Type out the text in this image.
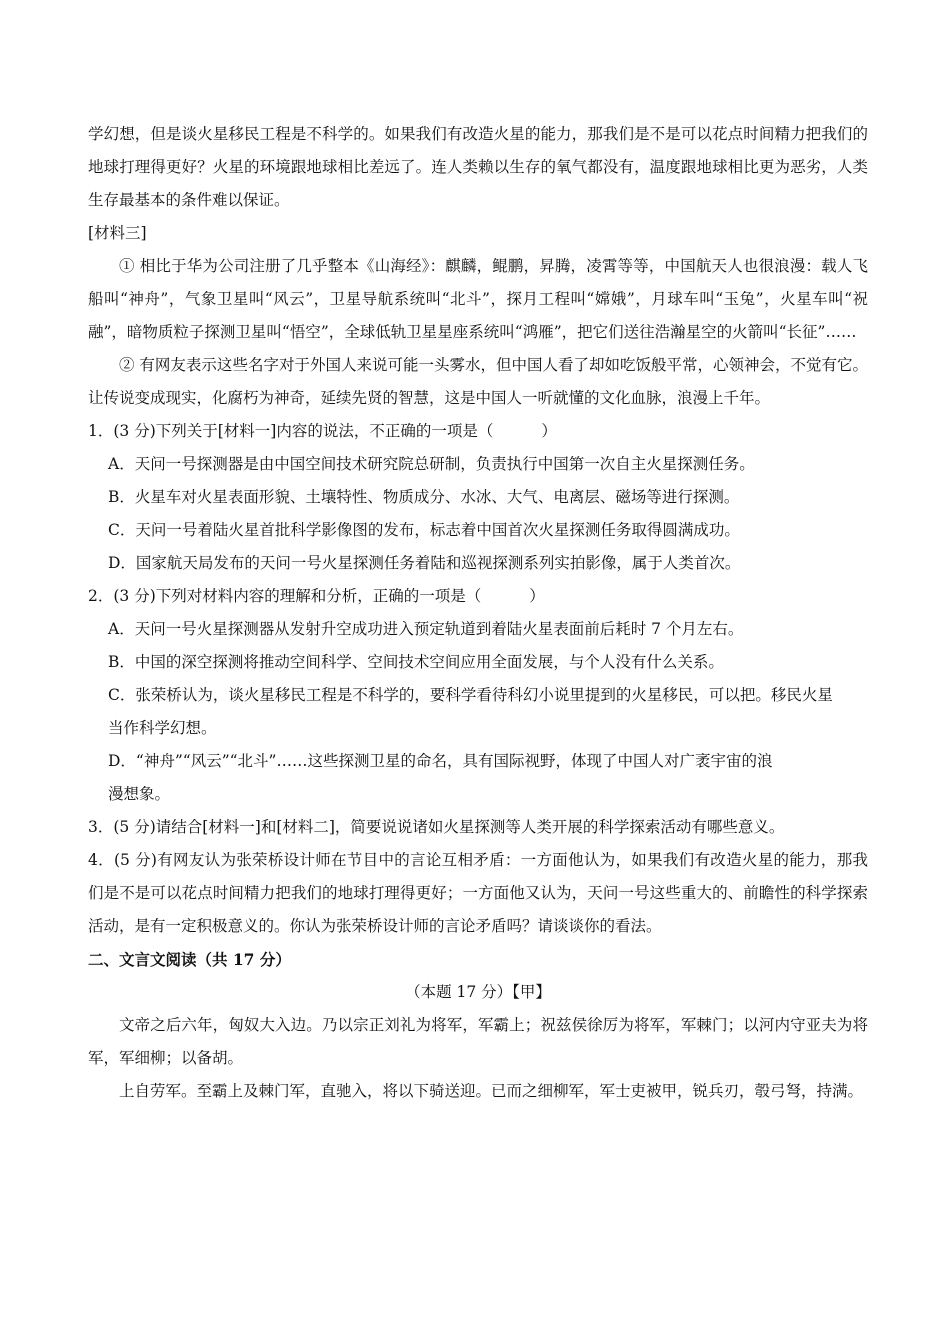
学幻想，但是谈火星移民工程是不科学的。如果我们有改造火星的能力，那我们是不是可以花点时间精力把我们的地球打理得更好？火星的环境跟地球相比差远了。连人类赖以生存的氧气都没有，温度跟地球相比更为恶劣，人类生存最基本的条件难以保证。

[材料三]

① 相比于华为公司注册了几乎整本《山海经》：麒麟，鲲鹏，昇腾，凌霄等等，中国航天人也很浪漫：载人飞船叫“神舟”，气象卫星叫“风云”，卫星导航系统叫“北斗”，探月工程叫“嫦娥”，月球车叫“玉兔”，火星车叫“祝融”，暗物质粒子探测卫星叫“悟空”，全球低轨卫星星座系统叫“鸿雁”，把它们送往浩瀚星空的火箭叫“长征”……

② 有网友表示这些名字对于外国人来说可能一头雾水，但中国人看了却如吃饭般平常，心领神会，不觉有它。让传说变成现实，化腐朽为神奇，延续先贤的智慧，这是中国人一听就懂的文化血脉，浪漫上千年。

1．(3 分)下列关于[材料一]内容的说法，不正确的一项是（	）

A．天问一号探测器是由中国空间技术研究院总研制，负责执行中国第一次自主火星探测任务。

B．火星车对火星表面形貌、土壤特性、物质成分、水冰、大气、电离层、磁场等进行探测。

C．天问一号着陆火星首批科学影像图的发布，标志着中国首次火星探测任务取得圆满成功。

D．国家航天局发布的天问一号火星探测任务着陆和巡视探测系列实拍影像，属于人类首次。

2．(3 分)下列对材料内容的理解和分析，正确的一项是（	）

A．天问一号火星探测器从发射升空成功进入预定轨道到着陆火星表面前后耗时 7 个月左右。

B．中国的深空探测将推动空间科学、空间技术空间应用全面发展，与个人没有什么关系。

C．张荣桥认为，谈火星移民工程是不科学的，要科学看待科幻小说里提到的火星移民，可以把。移民火星

当作科学幻想。

D．“神舟”“风云”“北斗”……这些探测卫星的命名，具有国际视野，体现了中国人对广袤宇宙的浪

漫想象。

3．(5 分)请结合[材料一]和[材料二]，简要说说诸如火星探测等人类开展的科学探索活动有哪些意义。

4．(5 分)有网友认为张荣桥设计师在节目中的言论互相矛盾：一方面他认为，如果我们有改造火星的能力，那我们是不是可以花点时间精力把我们的地球打理得更好；一方面他又认为，天问一号这些重大的、前瞻性的科学探索活动，是有一定积极意义的。你认为张荣桥设计师的言论矛盾吗？请谈谈你的看法。

二、文言文阅读（共 17 分）

（本题 17 分）【甲】

文帝之后六年，匈奴大入边。乃以宗正刘礼为将军，军霸上；祝兹侯徐厉为将军，军棘门；以河内守亚夫为将军，军细柳；以备胡。

上自劳军。至霸上及棘门军，直驰入，将以下骑送迎。已而之细柳军，军士吏被甲，锐兵刃，彀弓弩，持满。
